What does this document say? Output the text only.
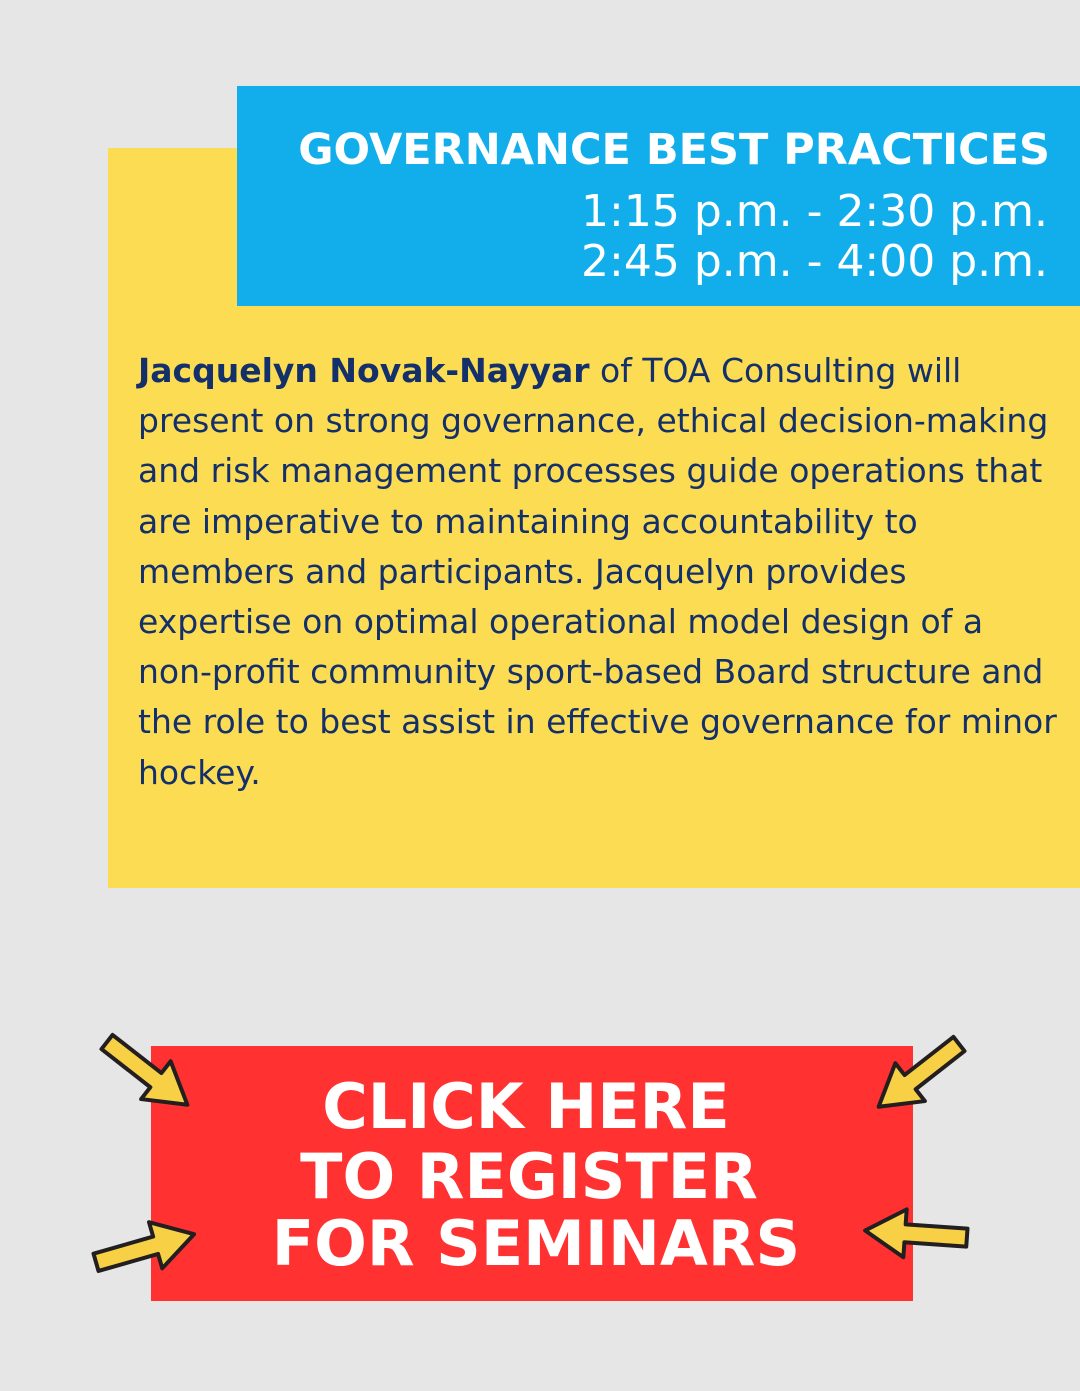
GOVERNANCE BEST PRACTICES
1:15 p.m. - 2:30 p.m.
2:45 p.m. - 4:00 p.m.

Jacquelyn Novak-Nayyar of TOA Consulting will present on strong governance, ethical decision-making and risk management processes guide operations that are imperative to maintaining accountability to members and participants. Jacquelyn provides expertise on optimal operational model design of a non-profit community sport-based Board structure and the role to best assist in effective governance for minor hockey.

CLICK HERE
TO REGISTER
FOR SEMINARS
